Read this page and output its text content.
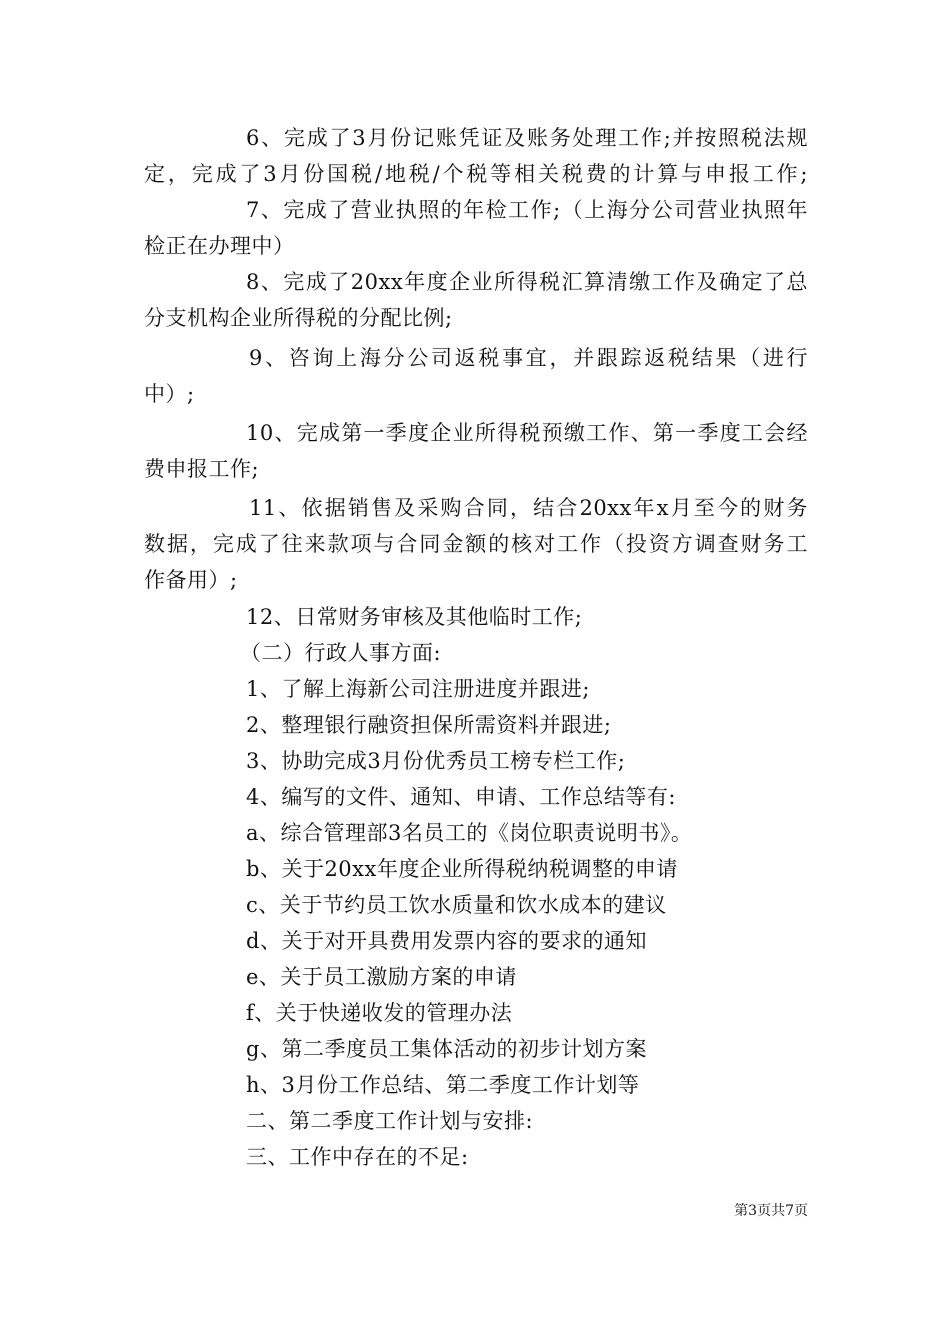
6、完成了3月份记账凭证及账务处理工作;并按照税法规
定，完成了3月份国税/地税/个税等相关税费的计算与申报工作;
7、完成了营业执照的年检工作;（上海分公司营业执照年
检正在办理中）
8、完成了20xx年度企业所得税汇算清缴工作及确定了总
分支机构企业所得税的分配比例;
9、咨询上海分公司返税事宜，并跟踪返税结果（进行
中）;
10、完成第一季度企业所得税预缴工作、第一季度工会经
费申报工作;
11、依据销售及采购合同，结合20xx年x月至今的财务
数据，完成了往来款项与合同金额的核对工作（投资方调查财务工
作备用）;
12、日常财务审核及其他临时工作;
（二）行政人事方面:
1、了解上海新公司注册进度并跟进;
2、整理银行融资担保所需资料并跟进;
3、协助完成3月份优秀员工榜专栏工作;
4、编写的文件、通知、申请、工作总结等有:
a、综合管理部3名员工的《岗位职责说明书》。
b、关于20xx年度企业所得税纳税调整的申请
c、关于节约员工饮水质量和饮水成本的建议
d、关于对开具费用发票内容的要求的通知
e、关于员工激励方案的申请
f、关于快递收发的管理办法
g、第二季度员工集体活动的初步计划方案
h、3月份工作总结、第二季度工作计划等
二、第二季度工作计划与安排:
三、工作中存在的不足:
第3页共7页
